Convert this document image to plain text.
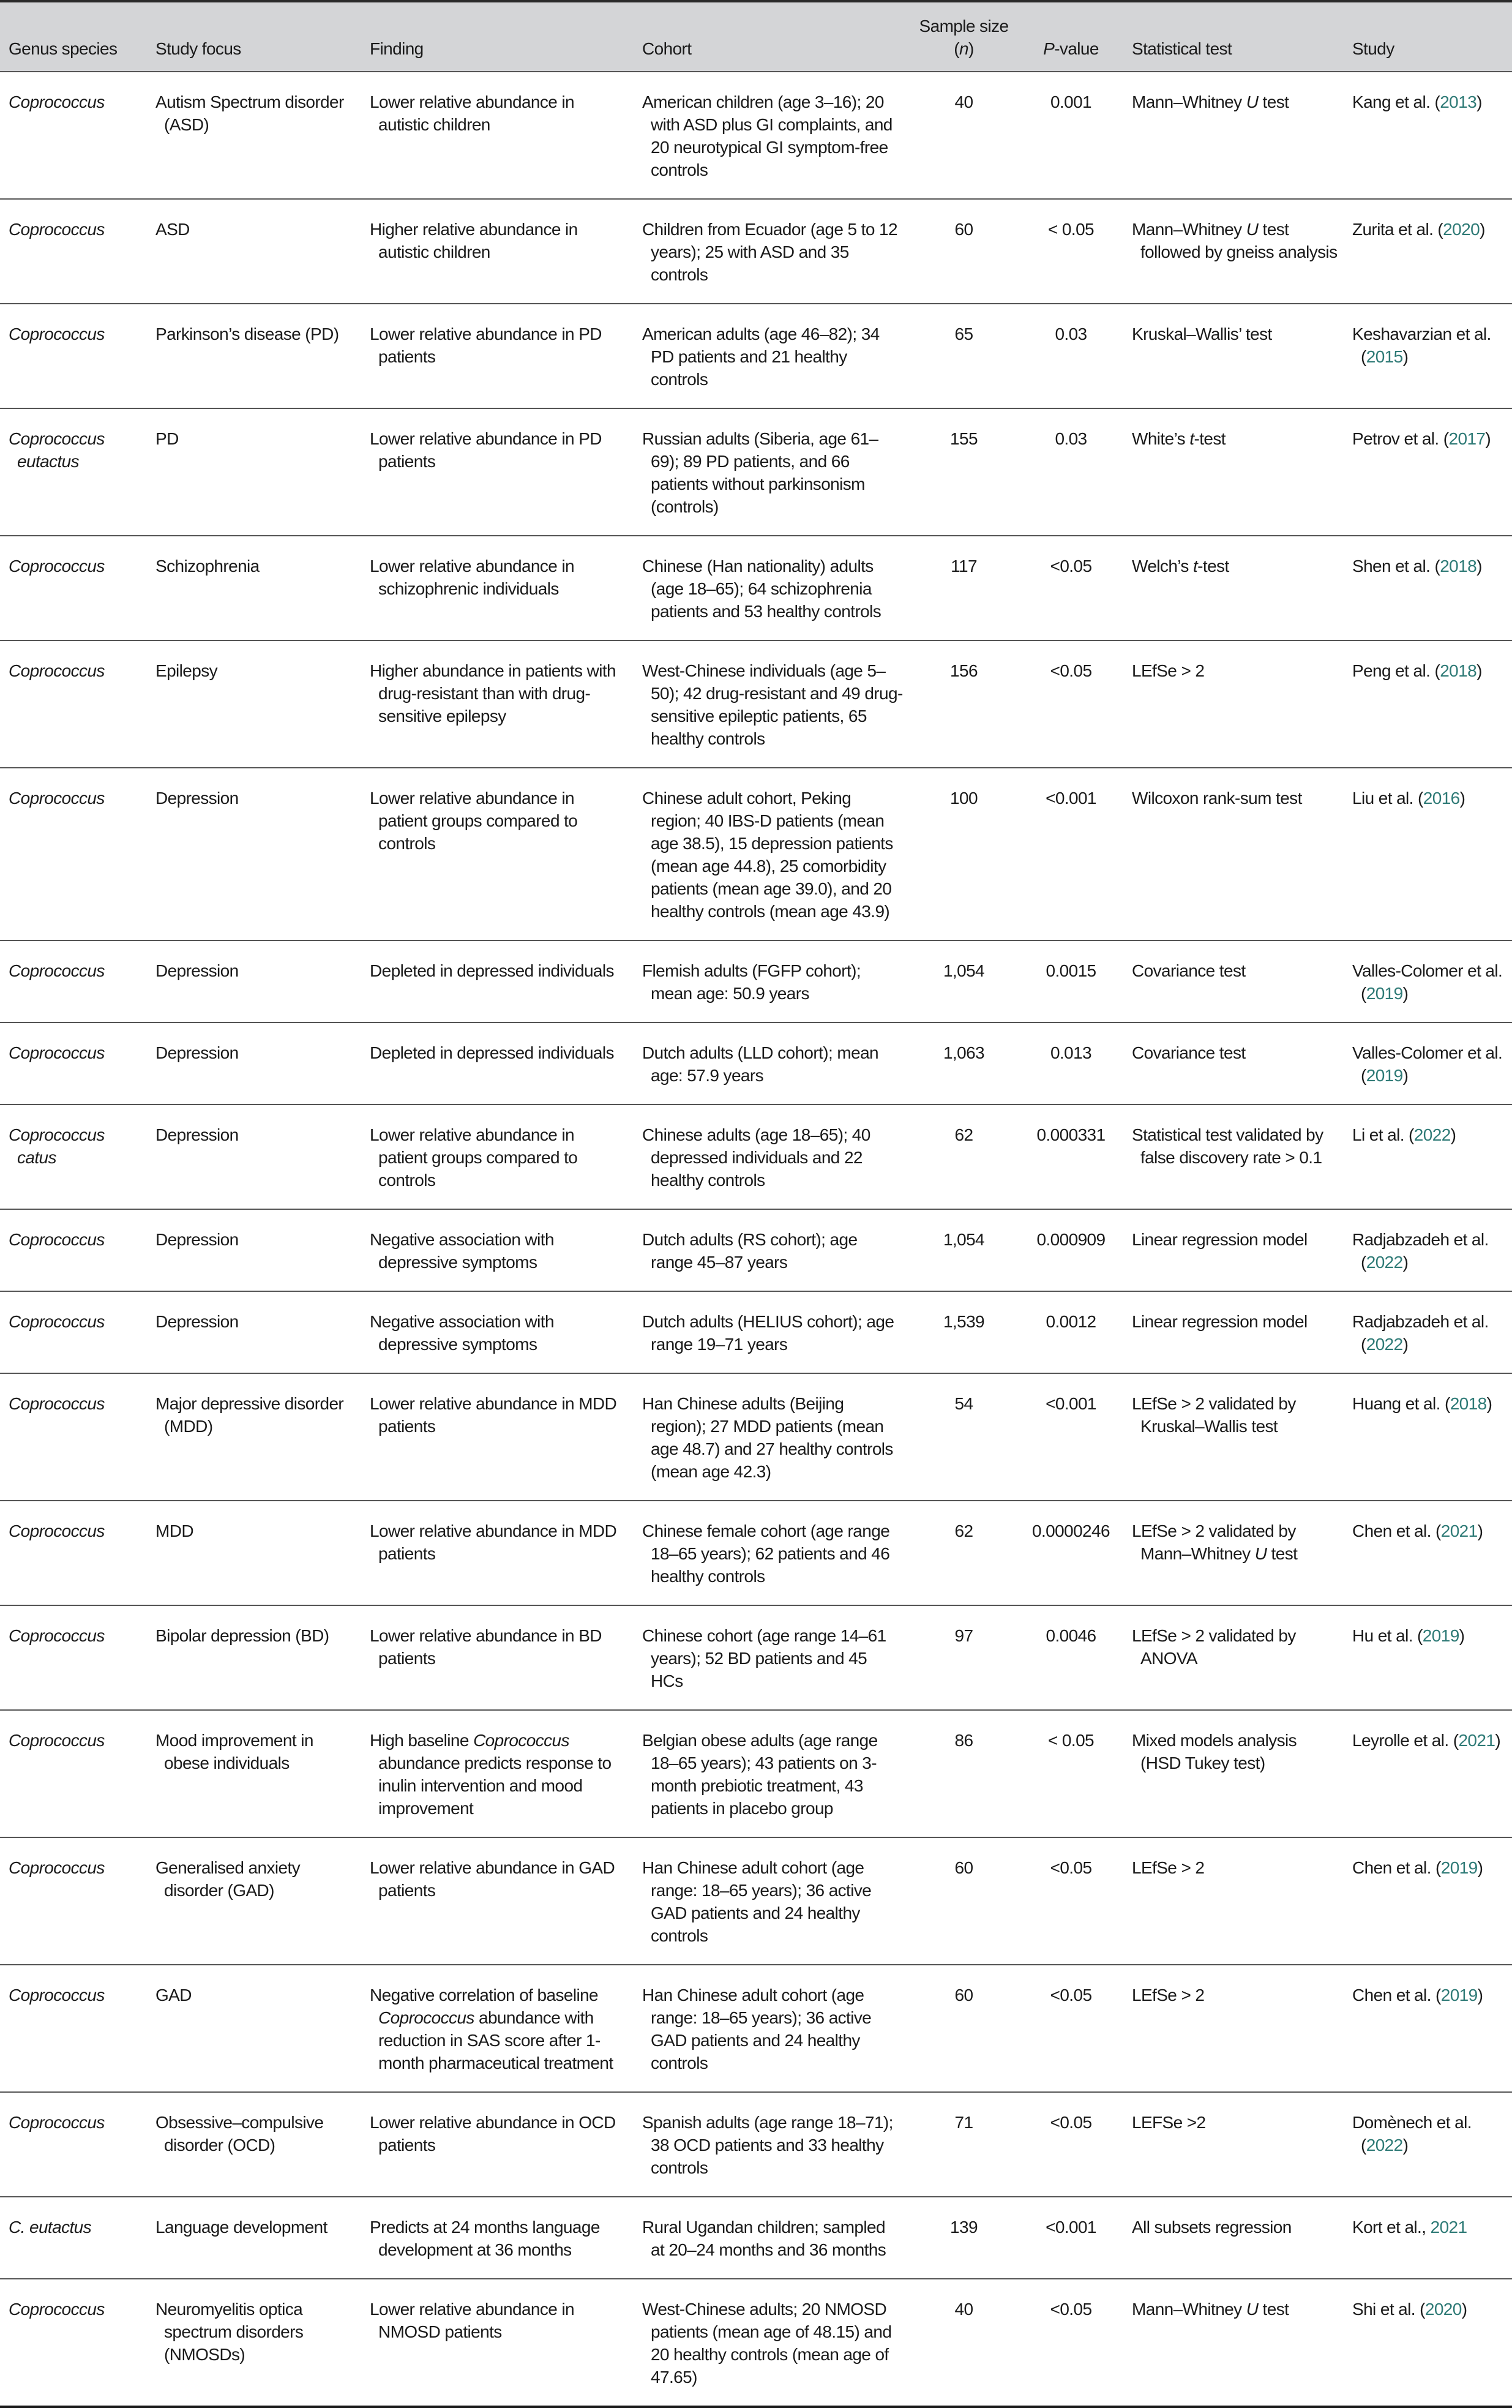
Genus species	Study focus	Finding	Cohort	Sample size (n)	P-value	Statistical test	Study

Coprococcus	Autism Spectrum disorder (ASD)	Lower relative abundance in autistic children	American children (age 3–16); 20 with ASD plus GI complaints, and 20 neurotypical GI symptom-free controls	40	0.001	Mann–Whitney U test	Kang et al. (2013)

Coprococcus	ASD	Higher relative abundance in autistic children	Children from Ecuador (age 5 to 12 years); 25 with ASD and 35 controls	60	< 0.05	Mann–Whitney U test followed by gneiss analysis	Zurita et al. (2020)

Coprococcus	Parkinson’s disease (PD)	Lower relative abundance in PD patients	American adults (age 46–82); 34 PD patients and 21 healthy controls	65	0.03	Kruskal–Wallis’ test	Keshavarzian et al. (2015)

Coprococcus eutactus	PD	Lower relative abundance in PD patients	Russian adults (Siberia, age 61–69); 89 PD patients, and 66 patients without parkinsonism (controls)	155	0.03	White’s t-test	Petrov et al. (2017)

Coprococcus	Schizophrenia	Lower relative abundance in schizophrenic individuals	Chinese (Han nationality) adults (age 18–65); 64 schizophrenia patients and 53 healthy controls	117	<0.05	Welch’s t-test	Shen et al. (2018)

Coprococcus	Epilepsy	Higher abundance in patients with drug-resistant than with drug-sensitive epilepsy	West-Chinese individuals (age 5–50); 42 drug-resistant and 49 drug-sensitive epileptic patients, 65 healthy controls	156	<0.05	LEfSe > 2	Peng et al. (2018)

Coprococcus	Depression	Lower relative abundance in patient groups compared to controls	Chinese adult cohort, Peking region; 40 IBS-D patients (mean age 38.5), 15 depression patients (mean age 44.8), 25 comorbidity patients (mean age 39.0), and 20 healthy controls (mean age 43.9)	100	<0.001	Wilcoxon rank-sum test	Liu et al. (2016)

Coprococcus	Depression	Depleted in depressed individuals	Flemish adults (FGFP cohort); mean age: 50.9 years	1,054	0.0015	Covariance test	Valles-Colomer et al. (2019)

Coprococcus	Depression	Depleted in depressed individuals	Dutch adults (LLD cohort); mean age: 57.9 years	1,063	0.013	Covariance test	Valles-Colomer et al. (2019)

Coprococcus catus	Depression	Lower relative abundance in patient groups compared to controls	Chinese adults (age 18–65); 40 depressed individuals and 22 healthy controls	62	0.000331	Statistical test validated by false discovery rate > 0.1	Li et al. (2022)

Coprococcus	Depression	Negative association with depressive symptoms	Dutch adults (RS cohort); age range 45–87 years	1,054	0.000909	Linear regression model	Radjabzadeh et al. (2022)

Coprococcus	Depression	Negative association with depressive symptoms	Dutch adults (HELIUS cohort); age range 19–71 years	1,539	0.0012	Linear regression model	Radjabzadeh et al. (2022)

Coprococcus	Major depressive disorder (MDD)	Lower relative abundance in MDD patients	Han Chinese adults (Beijing region); 27 MDD patients (mean age 48.7) and 27 healthy controls (mean age 42.3)	54	<0.001	LEfSe > 2 validated by Kruskal–Wallis test	Huang et al. (2018)

Coprococcus	MDD	Lower relative abundance in MDD patients	Chinese female cohort (age range 18–65 years); 62 patients and 46 healthy controls	62	0.0000246	LEfSe > 2 validated by Mann–Whitney U test	Chen et al. (2021)

Coprococcus	Bipolar depression (BD)	Lower relative abundance in BD patients	Chinese cohort (age range 14–61 years); 52 BD patients and 45 HCs	97	0.0046	LEfSe > 2 validated by ANOVA	Hu et al. (2019)

Coprococcus	Mood improvement in obese individuals	High baseline Coprococcus abundance predicts response to inulin intervention and mood improvement	Belgian obese adults (age range 18–65 years); 43 patients on 3-month prebiotic treatment, 43 patients in placebo group	86	< 0.05	Mixed models analysis (HSD Tukey test)	Leyrolle et al. (2021)

Coprococcus	Generalised anxiety disorder (GAD)	Lower relative abundance in GAD patients	Han Chinese adult cohort (age range: 18–65 years); 36 active GAD patients and 24 healthy controls	60	<0.05	LEfSe > 2	Chen et al. (2019)

Coprococcus	GAD	Negative correlation of baseline Coprococcus abundance with reduction in SAS score after 1-month pharmaceutical treatment	Han Chinese adult cohort (age range: 18–65 years); 36 active GAD patients and 24 healthy controls	60	<0.05	LEfSe > 2	Chen et al. (2019)

Coprococcus	Obsessive–compulsive disorder (OCD)	Lower relative abundance in OCD patients	Spanish adults (age range 18–71); 38 OCD patients and 33 healthy controls	71	<0.05	LEFSe >2	Domènech et al. (2022)

C. eutactus	Language development	Predicts at 24 months language development at 36 months	Rural Ugandan children; sampled at 20–24 months and 36 months	139	<0.001	All subsets regression	Kort et al., 2021

Coprococcus	Neuromyelitis optica spectrum disorders (NMOSDs)	Lower relative abundance in NMOSD patients	West-Chinese adults; 20 NMOSD patients (mean age of 48.15) and 20 healthy controls (mean age of 47.65)	40	<0.05	Mann–Whitney U test	Shi et al. (2020)
